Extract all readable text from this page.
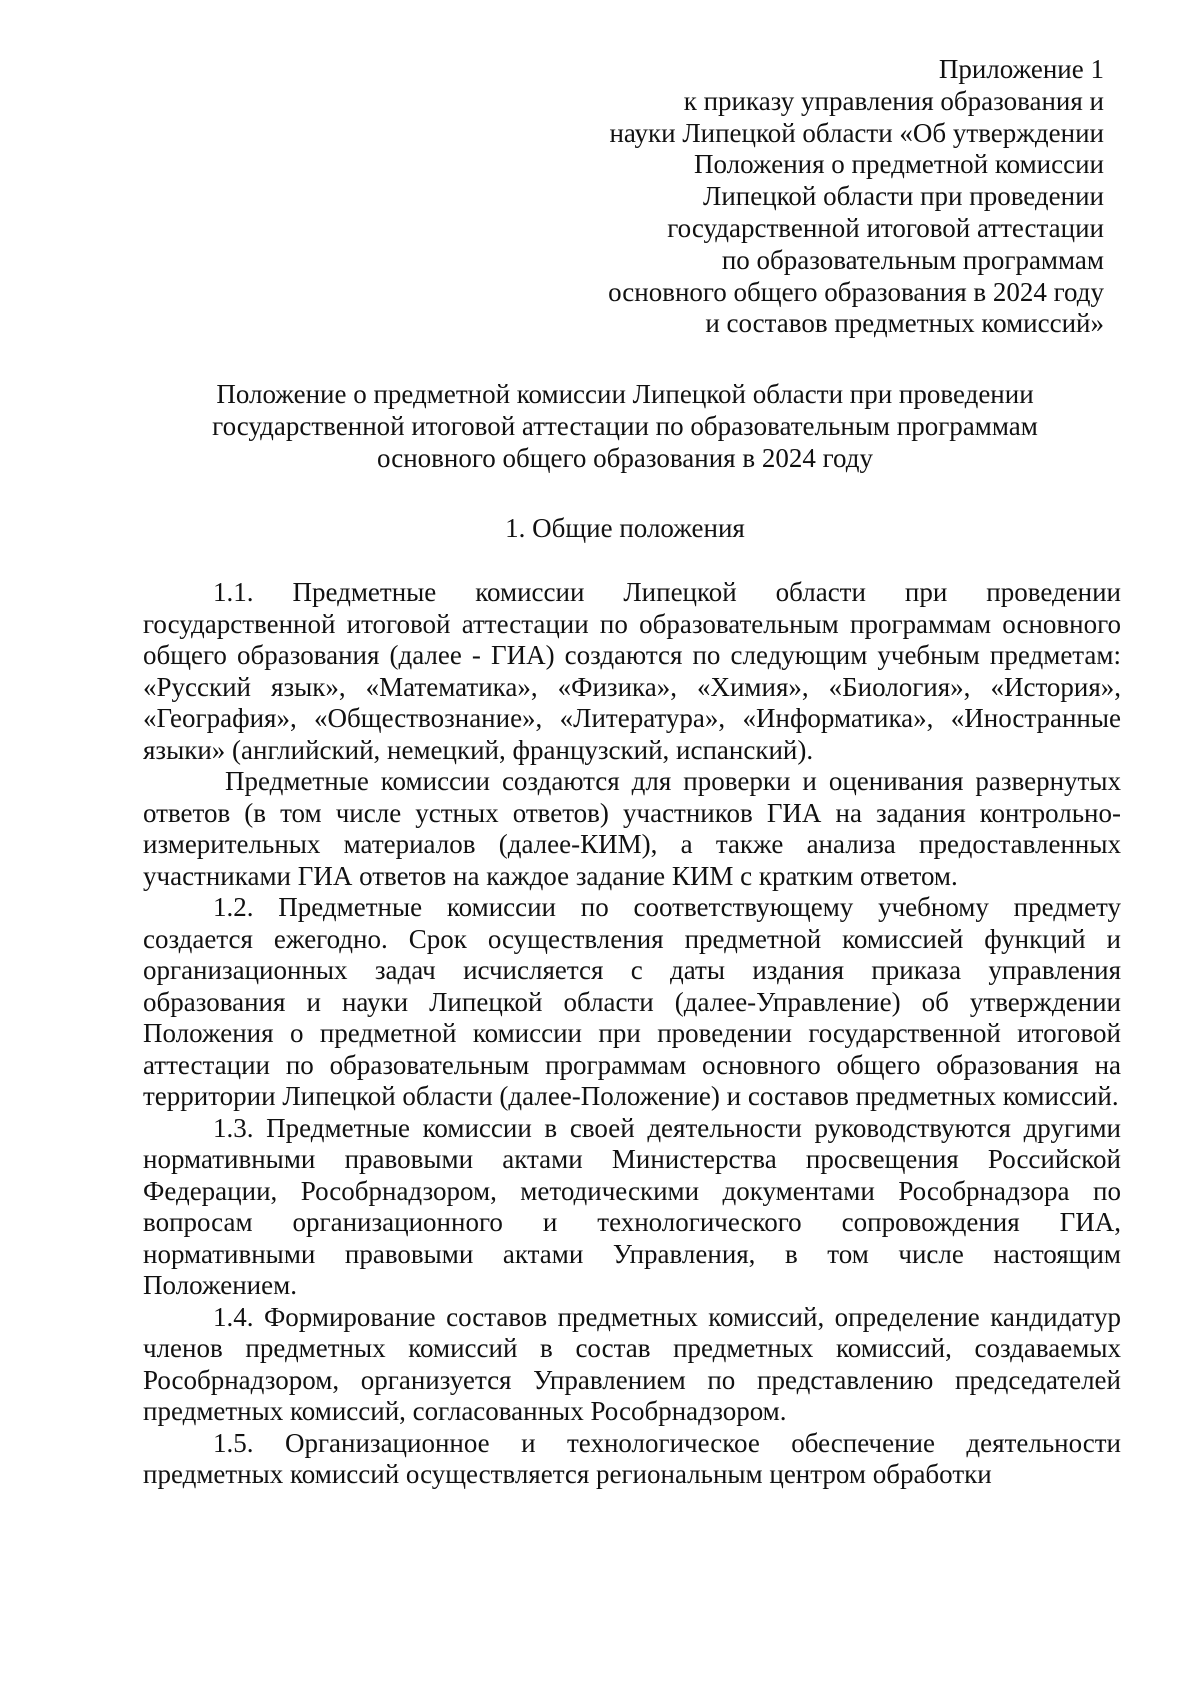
Приложение 1
к приказу управления образования и
науки Липецкой области «Об утверждении
Положения о предметной комиссии
Липецкой области при проведении
государственной итоговой аттестации
по образовательным программам
основного общего образования в 2024 году
и составов предметных комиссий»
Положение о предметной комиссии Липецкой области при проведении
государственной итоговой аттестации по образовательным программам
основного общего образования в 2024 году
1. Общие положения

1.1. Предметные комиссии Липецкой области при проведении государственной итоговой аттестации по образовательным программам основного общего образования (далее - ГИА) создаются по следующим учебным предметам: «Русский язык», «Математика», «Физика», «Химия», «Биология», «История», «География», «Обществознание», «Литература», «Информатика», «Иностранные языки» (английский, немецкий, французский, испанский).

Предметные комиссии создаются для проверки и оценивания развернутых ответов (в том числе устных ответов) участников ГИА на задания контрольно-измерительных материалов (далее-КИМ), а также анализа предоставленных участниками ГИА ответов на каждое задание КИМ с кратким ответом.

1.2. Предметные комиссии по соответствующему учебному предмету создается ежегодно. Срок осуществления предметной комиссией функций и организационных задач исчисляется с даты издания приказа управления образования и науки Липецкой области (далее-Управление) об утверждении Положения о предметной комиссии при проведении государственной итоговой аттестации по образовательным программам основного общего образования на территории Липецкой области (далее-Положение) и составов предметных комиссий.

1.3. Предметные комиссии в своей деятельности руководствуются другими нормативными правовыми актами Министерства просвещения Российской Федерации, Рособрнадзором, методическими документами Рособрнадзора по вопросам организационного и технологического сопровождения ГИА, нормативными правовыми актами Управления, в том числе настоящим Положением.

1.4. Формирование составов предметных комиссий, определение кандидатур членов предметных комиссий в состав предметных комиссий, создаваемых Рособрнадзором, организуется Управлением по представлению председателей предметных комиссий, согласованных Рособрнадзором.

1.5. Организационное и технологическое обеспечение деятельности предметных комиссий осуществляется региональным центром обработки
